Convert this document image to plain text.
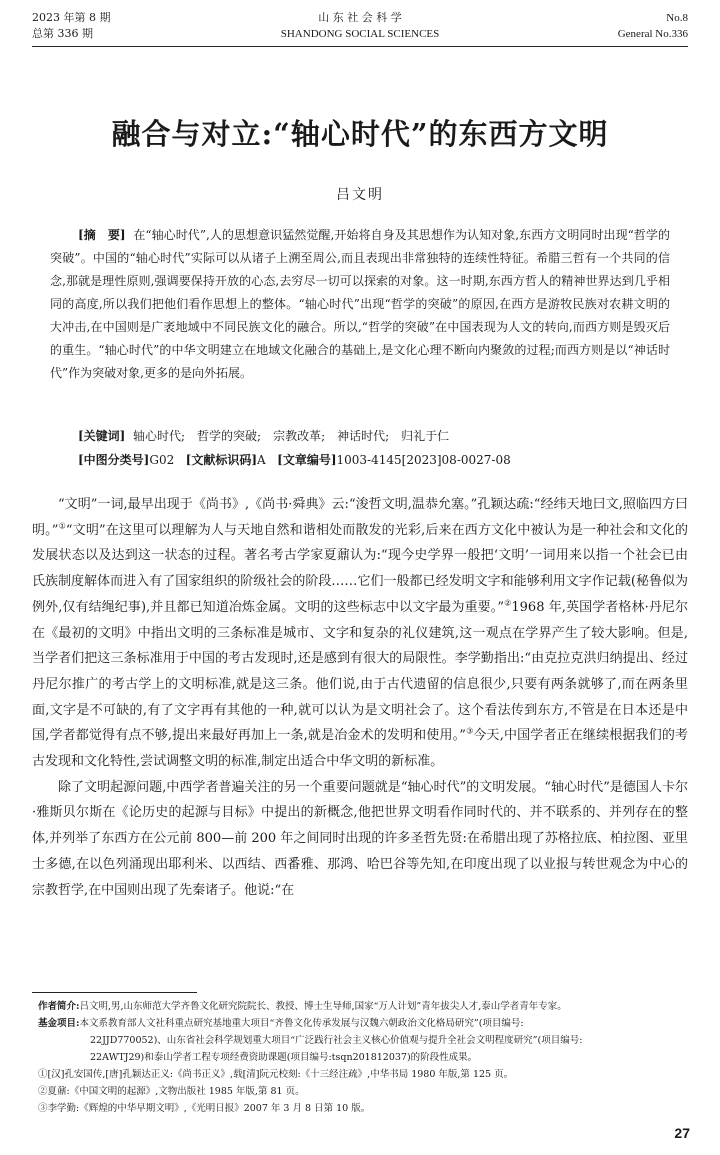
2023 年第 8 期
总第 336 期
山 东 社 会 科 学
SHANDONG SOCIAL SCIENCES
No.8
General No.336
融合与对立:“轴心时代”的东西方文明
吕文明
[摘　要] 在“轴心时代”,人的思想意识猛然觉醒,开始将自身及其思想作为认知对象,东西方文明同时出现“哲学的突破”。中国的“轴心时代”实际可以从诸子上溯至周公,而且表现出非常独特的连续性特征。希腊三哲有一个共同的信念,那就是理性原则,强调要保持开放的心态,去穷尽一切可以探索的对象。这一时期,东西方哲人的精神世界达到几乎相同的高度,所以我们把他们看作思想上的整体。“轴心时代”出现“哲学的突破”的原因,在西方是游牧民族对农耕文明的大冲击,在中国则是广袤地域中不同民族文化的融合。所以,“哲学的突破”在中国表现为人文的转向,而西方则是毁灭后的重生。“轴心时代”的中华文明建立在地域文化融合的基础上,是文化心理不断向内聚敛的过程;而西方则是以“神话时代”作为突破对象,更多的是向外拓展。
[关键词] 轴心时代;　哲学的突破;　宗教改革;　神话时代;　归礼于仁
[中图分类号]G02 [文献标识码]A [文章编号]1003-4145[2023]08-0027-08

“文明”一词,最早出现于《尚书》,《尚书·舜典》云:“浚哲文明,温恭允塞。”孔颖达疏:“经纬天地曰文,照临四方曰明。”①“文明”在这里可以理解为人与天地自然和谐相处而散发的光彩,后来在西方文化中被认为是一种社会和文化的发展状态以及达到这一状态的过程。著名考古学家夏鼐认为:“现今史学界一般把‘文明’一词用来以指一个社会已由氏族制度解体而进入有了国家组织的阶级社会的阶段……它们一般都已经发明文字和能够利用文字作记载(秘鲁似为例外,仅有结绳纪事),并且都已知道冶炼金属。文明的这些标志中以文字最为重要。”②1968 年,英国学者格林·丹尼尔在《最初的文明》中指出文明的三条标准是城市、文字和复杂的礼仪建筑,这一观点在学界产生了较大影响。但是,当学者们把这三条标准用于中国的考古发现时,还是感到有很大的局限性。李学勤指出:“由克拉克洪归纳提出、经过丹尼尔推广的考古学上的文明标准,就是这三条。他们说,由于古代遗留的信息很少,只要有两条就够了,而在两条里面,文字是不可缺的,有了文字再有其他的一种,就可以认为是文明社会了。这个看法传到东方,不管是在日本还是中国,学者都觉得有点不够,提出来最好再加上一条,就是冶金术的发明和使用。”③今天,中国学者正在继续根据我们的考古发现和文化特性,尝试调整文明的标准,制定出适合中华文明的新标准。

除了文明起源问题,中西学者普遍关注的另一个重要问题就是“轴心时代”的文明发展。“轴心时代”是德国人卡尔·雅斯贝尔斯在《论历史的起源与目标》中提出的新概念,他把世界文明看作同时代的、并不联系的、并列存在的整体,并列举了东西方在公元前 800—前 200 年之间同时出现的许多圣哲先贤:在希腊出现了苏格拉底、柏拉图、亚里士多德,在以色列涌现出耶利米、以西结、西番雅、那鸿、哈巴谷等先知,在印度出现了以业报与转世观念为中心的宗教哲学,在中国则出现了先秦诸子。他说:“在

作者简介: 吕文明,男,山东师范大学齐鲁文化研究院院长、教授、博士生导师,国家“万人计划”青年拔尖人才,泰山学者青年专家。
基金项目: 本文系教育部人文社科重点研究基地重大项目“齐鲁文化传承发展与汉魏六朝政治文化格局研究”(项目编号:
22JJD770052)、山东省社会科学规划重大项目“广泛践行社会主义核心价值观与提升全社会文明程度研究”(项目编号:
22AWTJ29)和泰山学者工程专项经费资助课题(项目编号:tsqn201812037)的阶段性成果。
①[汉]孔安国传,[唐]孔颖达正义:《尚书正义》,载[清]阮元校刻:《十三经注疏》,中华书局 1980 年版,第 125 页。
②夏鼐:《中国文明的起源》,文物出版社 1985 年版,第 81 页。
③李学勤:《辉煌的中华早期文明》,《光明日报》2007 年 3 月 8 日第 10 版。
27
